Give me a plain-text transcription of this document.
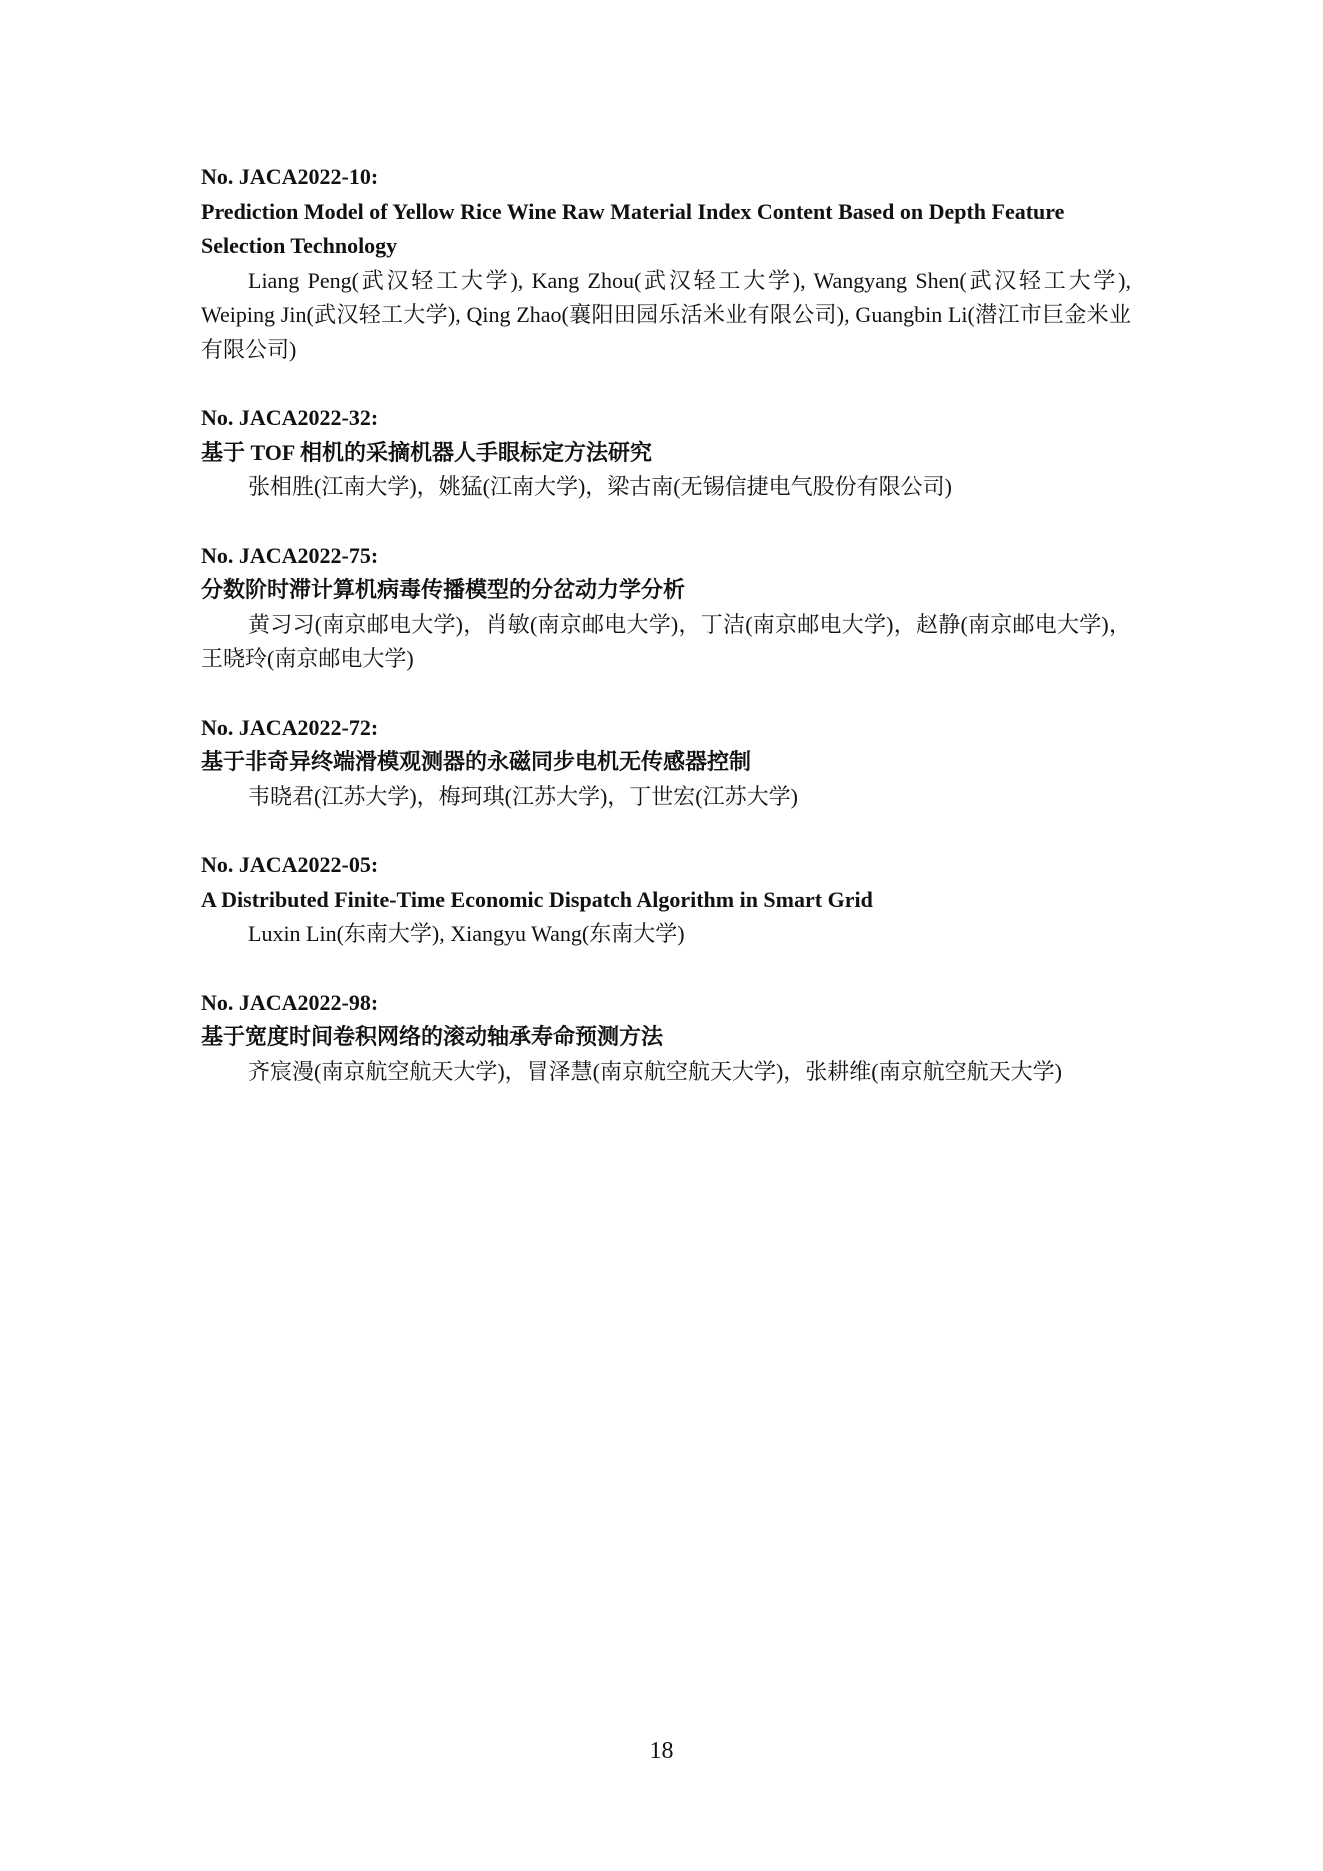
No. JACA2022-10:

Prediction Model of Yellow Rice Wine Raw Material Index Content Based on Depth Feature Selection Technology

Liang Peng(武汉轻工大学), Kang Zhou(武汉轻工大学), Wangyang Shen(武汉轻工大学), Weiping Jin(武汉轻工大学), Qing Zhao(襄阳田园乐活米业有限公司), Guangbin Li(潜江市巨金米业有限公司)

No. JACA2022-32:

基于 TOF 相机的采摘机器人手眼标定方法研究

张相胜(江南大学)，姚猛(江南大学)，梁古南(无锡信捷电气股份有限公司)

No. JACA2022-75:

分数阶时滞计算机病毒传播模型的分岔动力学分析

黄习习(南京邮电大学)，肖敏(南京邮电大学)，丁洁(南京邮电大学)，赵静(南京邮电大学)，王晓玲(南京邮电大学)

No. JACA2022-72:

基于非奇异终端滑模观测器的永磁同步电机无传感器控制

韦晓君(江苏大学)，梅珂琪(江苏大学)，丁世宏(江苏大学)

No. JACA2022-05:

A Distributed Finite-Time Economic Dispatch Algorithm in Smart Grid

Luxin Lin(东南大学), Xiangyu Wang(东南大学)

No. JACA2022-98:

基于宽度时间卷积网络的滚动轴承寿命预测方法

齐宸漫(南京航空航天大学)，冒泽慧(南京航空航天大学)，张耕维(南京航空航天大学)

18
